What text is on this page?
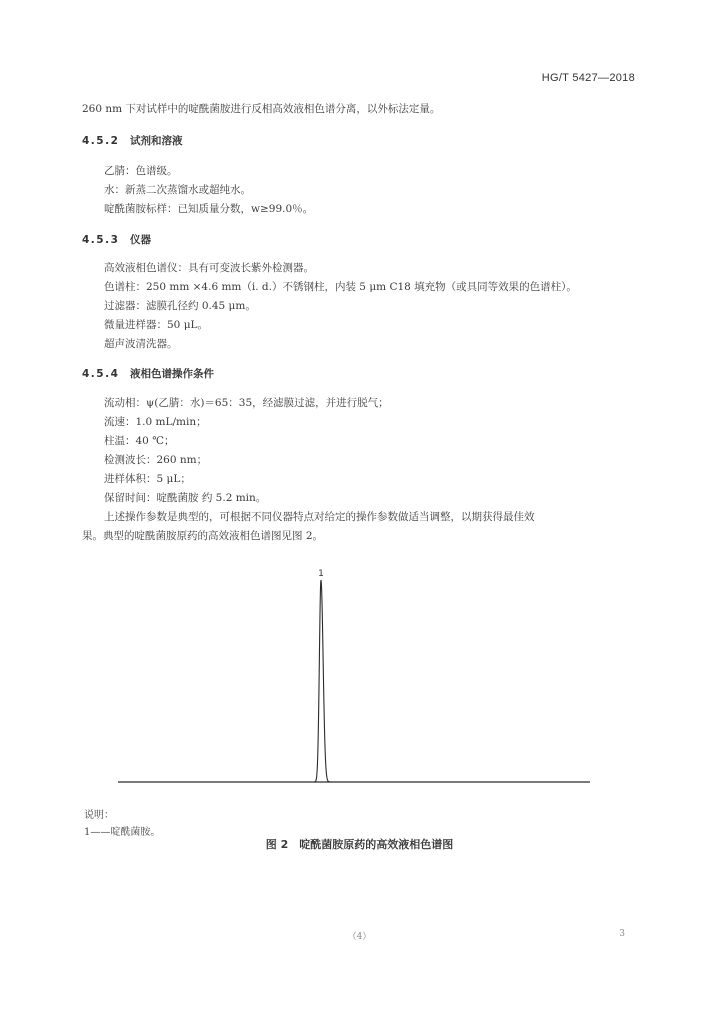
HG/T 5427—2018
260 nm 下对试样中的啶酰菌胺进行反相高效液相色谱分离，以外标法定量。
4.5.2 试剂和溶液
乙腈：色谱级。
水：新蒸二次蒸馏水或超纯水。
啶酰菌胺标样：已知质量分数，w≥99.0％。
4.5.3 仪器
高效液相色谱仪：具有可变波长紫外检测器。
色谱柱：250 mm ×4.6 mm（i. d.）不锈钢柱，内装 5 μm C18 填充物（或具同等效果的色谱柱）。
过滤器：滤膜孔径约 0.45 μm。
微量进样器：50 μL。
超声波清洗器。
4.5.4 液相色谱操作条件
流动相：ψ(乙腈：水)＝65：35，经滤膜过滤，并进行脱气；
流速：1.0 mL/min；
柱温：40 ℃；
检测波长：260 nm；
进样体积：5 μL；
保留时间：啶酰菌胺 约 5.2 min。
上述操作参数是典型的，可根据不同仪器特点对给定的操作参数做适当调整，以期获得最佳效
果。典型的啶酰菌胺原药的高效液相色谱图见图 2。
1
说明：
1——啶酰菌胺。
图 2　啶酰菌胺原药的高效液相色谱图
（4）	3
